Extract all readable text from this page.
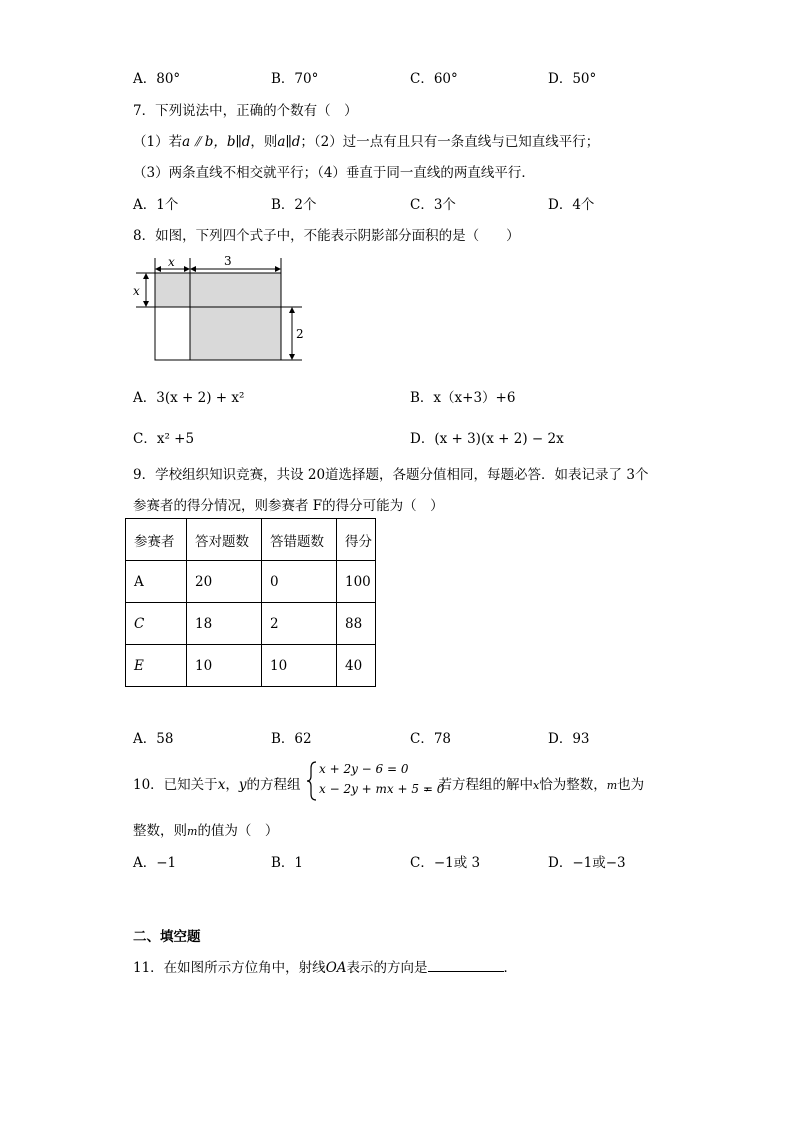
A．80°	B．70°	C．60°	D．50°
7．下列说法中，正确的个数有（　）
（1）若a ⫽ b，b∥d，则a∥d；（2）过一点有且只有一条直线与已知直线平行；
（3）两条直线不相交就平行；（4）垂直于同一直线的两直线平行．
A．1个	B．2个	C．3个	D．4个
8．如图，下列四个式子中，不能表示阴影部分面积的是（　　）
x	3
x
2
A．3(x + 2) + x²	B．x（x+3）+6
C．x² +5	D．(x + 3)(x + 2) − 2x
9．学校组织知识竞赛，共设 20道选择题，各题分值相同，每题必答．如表记录了 3个
参赛者的得分情况，则参赛者 F的得分可能为（　）
参赛者	答对题数	答错题数	得分
A	20	0	100
C	18	2	88
E	10	10	40
A．58	B．62	C．78	D．93
10．已知关于x，y的方程组
x + 2y − 6 = 0
x − 2y + mx + 5 = 0
，若方程组的解中x恰为整数，m也为
整数，则m的值为（　）
A．−1	B．1	C．−1或 3	D．−1或−3
二、填空题
11．在如图所示方位角中，射线OA表示的方向是	．
